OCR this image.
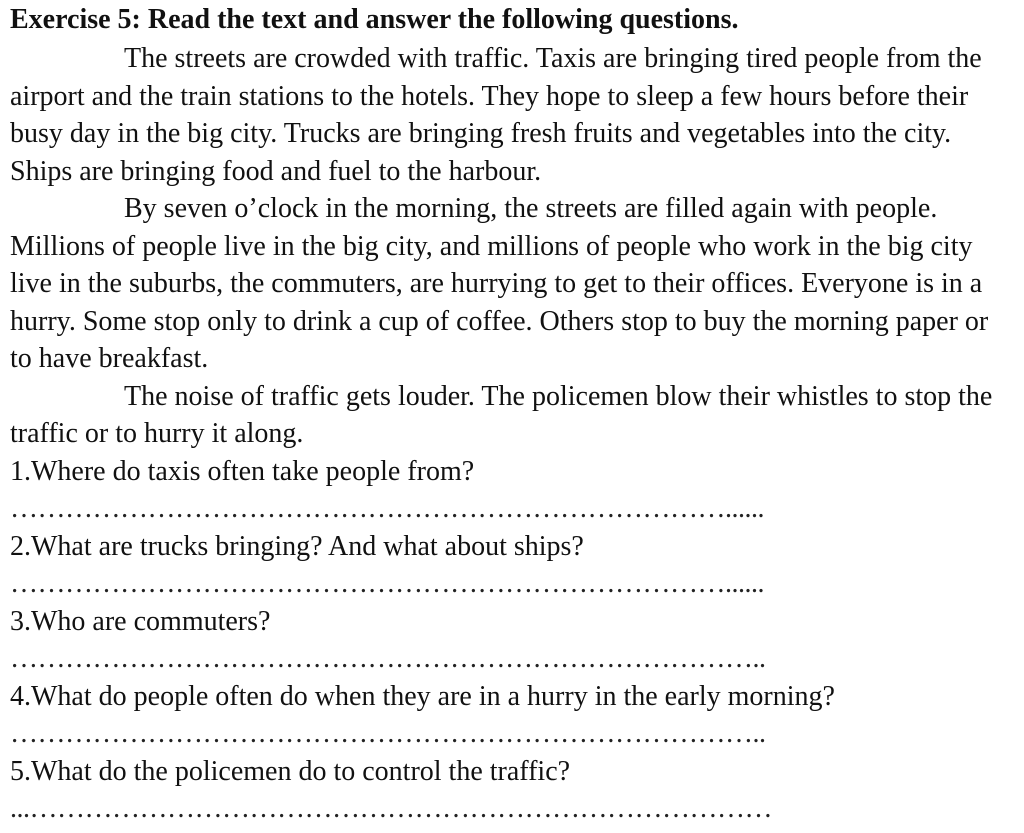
Exercise 5: Read the text and answer the following questions.

The streets are crowded with traffic. Taxis are bringing tired people from the airport and the train stations to the hotels. They hope to sleep a few hours before their busy day in the big city. Trucks are bringing fresh fruits and vegetables into the city. Ships are bringing food and fuel to the harbour.

By seven o’clock in the morning, the streets are filled again with people. Millions of people live in the big city, and millions of people who work in the big city live in the suburbs, the commuters, are hurrying to get to their offices. Everyone is in a hurry. Some stop only to drink a cup of coffee. Others stop to buy the morning paper or to have breakfast.

The noise of traffic gets louder. The policemen blow their whistles to stop the traffic or to hurry it along.

1.Where do taxis often take people from?
……………………………………………………………………......
2.What are trucks bringing? And what about ships?
……………………………………………………………………......
3.Who are commuters?
………………………………………………………………………..
4.What do people often do when they are in a hurry in the early morning?
………………………………………………………………………..
5.What do the policemen do to control the traffic?
...………………………………………………………………………
